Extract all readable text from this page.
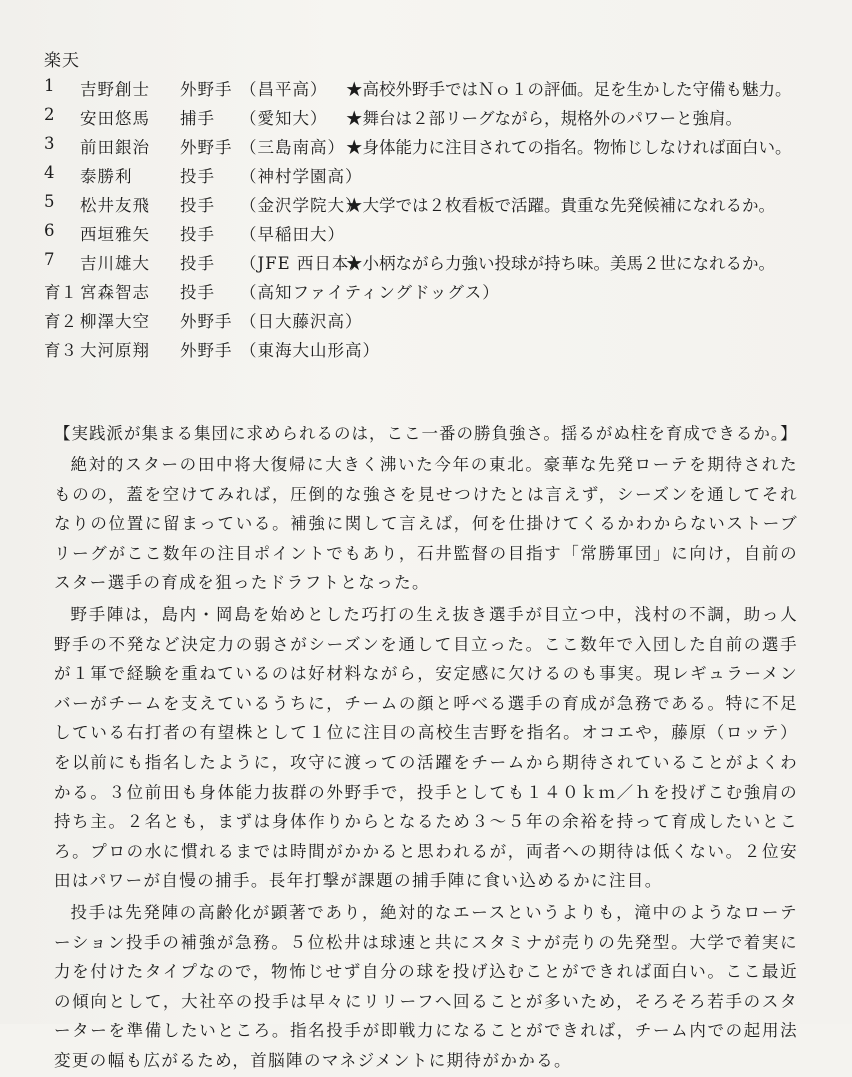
楽天
1 吉野創士 外野手 （昌平高） ★高校外野手ではＮｏ１の評価。足を生かした守備も魅力。
2 安田悠馬 捕手 （愛知大） ★舞台は２部リーグながら，規格外のパワーと強肩。
3 前田銀治 外野手 （三島南高） ★身体能力に注目されての指名。物怖じしなければ面白い。
4 泰勝利	投手 （神村学園高）
5 松井友飛 投手 （金沢学院大）
★大学では２枚看板で活躍。貴重な先発候補になれるか。
6 西垣雅矢 投手 （早稲田大）
7 吉川雄大 投手 （JFE 西日本）
★小柄ながら力強い投球が持ち味。美馬２世になれるか。
育１ 宮森智志 投手 （高知ファイティングドッグス）
育２ 柳澤大空 外野手 （日大藤沢高）
育３ 大河原翔 外野手 （東海大山形高）
【実践派が集まる集団に求められるのは，ここ一番の勝負強さ。揺るがぬ柱を育成できるか。】

絶対的スターの田中将大復帰に大きく沸いた今年の東北。豪華な先発ローテを期待されたものの，蓋を空けてみれば，圧倒的な強さを見せつけたとは言えず，シーズンを通してそれなりの位置に留まっている。補強に関して言えば，何を仕掛けてくるかわからないストーブリーグがここ数年の注目ポイントでもあり，石井監督の目指す「常勝軍団」に向け，自前のスター選手の育成を狙ったドラフトとなった。

野手陣は，島内・岡島を始めとした巧打の生え抜き選手が目立つ中，浅村の不調，助っ人野手の不発など決定力の弱さがシーズンを通して目立った。ここ数年で入団した自前の選手が１軍で経験を重ねているのは好材料ながら，安定感に欠けるのも事実。現レギュラーメンバーがチームを支えているうちに，チームの顔と呼べる選手の育成が急務である。特に不足している右打者の有望株として１位に注目の高校生吉野を指名。オコエや，藤原（ロッテ）を以前にも指名したように，攻守に渡っての活躍をチームから期待されていることがよくわかる。３位前田も身体能力抜群の外野手で，投手としても１４０ｋｍ／ｈを投げこむ強肩の持ち主。２名とも，まずは身体作りからとなるため３～５年の余裕を持って育成したいところ。プロの水に慣れるまでは時間がかかると思われるが，両者への期待は低くない。２位安田はパワーが自慢の捕手。長年打撃が課題の捕手陣に食い込めるかに注目。

投手は先発陣の高齢化が顕著であり，絶対的なエースというよりも，滝中のようなローテーション投手の補強が急務。５位松井は球速と共にスタミナが売りの先発型。大学で着実に力を付けたタイプなので，物怖じせず自分の球を投げ込むことができれば面白い。ここ最近の傾向として，大社卒の投手は早々にリリーフへ回ることが多いため，そろそろ若手のスターターを準備したいところ。指名投手が即戦力になることができれば，チーム内での起用法変更の幅も広がるため，首脳陣のマネジメントに期待がかかる。
